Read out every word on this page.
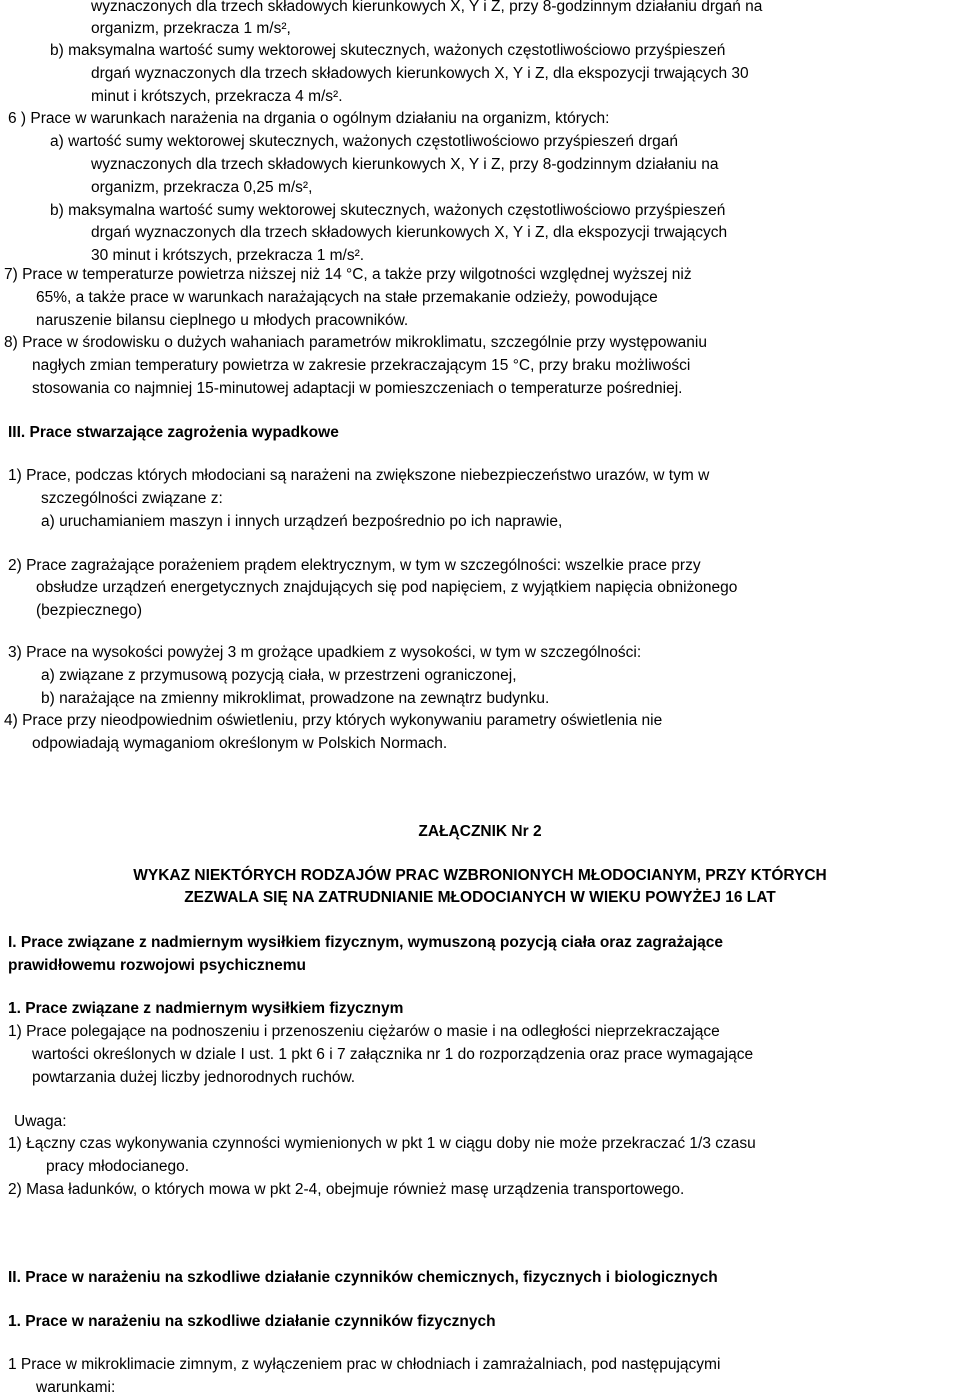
wyznaczonych dla trzech składowych kierunkowych X, Y i Z, przy 8-godzinnym działaniu drgań na
organizm, przekracza 1 m/s²,
b) maksymalna wartość sumy wektorowej skutecznych, ważonych częstotliwościowo przyśpieszeń
drgań wyznaczonych dla trzech składowych kierunkowych X, Y i Z, dla ekspozycji trwających 30
minut i krótszych, przekracza 4 m/s².
6 ) Prace w warunkach narażenia na drgania o ogólnym działaniu na organizm, których:
a) wartość sumy wektorowej skutecznych, ważonych częstotliwościowo przyśpieszeń drgań
wyznaczonych dla trzech składowych kierunkowych X, Y i Z, przy 8-godzinnym działaniu na
organizm, przekracza 0,25 m/s²,
b) maksymalna wartość sumy wektorowej skutecznych, ważonych częstotliwościowo przyśpieszeń
drgań wyznaczonych dla trzech składowych kierunkowych X, Y i Z, dla ekspozycji trwających
30 minut i krótszych, przekracza 1 m/s².
7) Prace w temperaturze powietrza niższej niż 14 °C, a także przy wilgotności względnej wyższej niż
65%, a także prace w warunkach narażających na stałe przemakanie odzieży, powodujące
naruszenie bilansu cieplnego u młodych pracowników.
8) Prace w środowisku o dużych wahaniach parametrów mikroklimatu, szczególnie przy występowaniu
nagłych zmian temperatury powietrza w zakresie przekraczającym 15 °C, przy braku możliwości
stosowania co najmniej 15-minutowej adaptacji w pomieszczeniach o temperaturze pośredniej.
III. Prace stwarzające zagrożenia wypadkowe
1) Prace, podczas których młodociani są narażeni na zwiększone niebezpieczeństwo urazów, w tym w
szczególności związane z:
a) uruchamianiem maszyn i innych urządzeń bezpośrednio po ich naprawie,
2) Prace zagrażające porażeniem prądem elektrycznym, w tym w szczególności: wszelkie prace przy
obsłudze urządzeń energetycznych znajdujących się pod napięciem, z wyjątkiem napięcia obniżonego
(bezpiecznego)
3) Prace na wysokości powyżej 3 m grożące upadkiem z wysokości, w tym w szczególności:
a) związane z przymusową pozycją ciała, w przestrzeni ograniczonej,
b) narażające na zmienny mikroklimat, prowadzone na zewnątrz budynku.
4) Prace przy nieodpowiednim oświetleniu, przy których wykonywaniu parametry oświetlenia nie
odpowiadają wymaganiom określonym w Polskich Normach.
ZAŁĄCZNIK Nr 2
WYKAZ NIEKTÓRYCH RODZAJÓW PRAC WZBRONIONYCH MŁODOCIANYM, PRZY KTÓRYCH
ZEZWALA SIĘ NA ZATRUDNIANIE MŁODOCIANYCH W WIEKU POWYŻEJ 16 LAT
I. Prace związane z nadmiernym wysiłkiem fizycznym, wymuszoną pozycją ciała oraz zagrażające
prawidłowemu rozwojowi psychicznemu
1. Prace związane z nadmiernym wysiłkiem fizycznym
1) Prace polegające na podnoszeniu i przenoszeniu ciężarów o masie i na odległości nieprzekraczające
wartości określonych w dziale I ust. 1 pkt 6 i 7 załącznika nr 1 do rozporządzenia oraz prace wymagające
powtarzania dużej liczby jednorodnych ruchów.
Uwaga:
1) Łączny czas wykonywania czynności wymienionych w pkt 1 w ciągu doby nie może przekraczać 1/3 czasu
pracy młodocianego.
2) Masa ładunków, o których mowa w pkt 2-4, obejmuje również masę urządzenia transportowego.
II. Prace w narażeniu na szkodliwe działanie czynników chemicznych, fizycznych i biologicznych
1. Prace w narażeniu na szkodliwe działanie czynników fizycznych
1 Prace w mikroklimacie zimnym, z wyłączeniem prac w chłodniach i zamrażalniach, pod następującymi
warunkami:
